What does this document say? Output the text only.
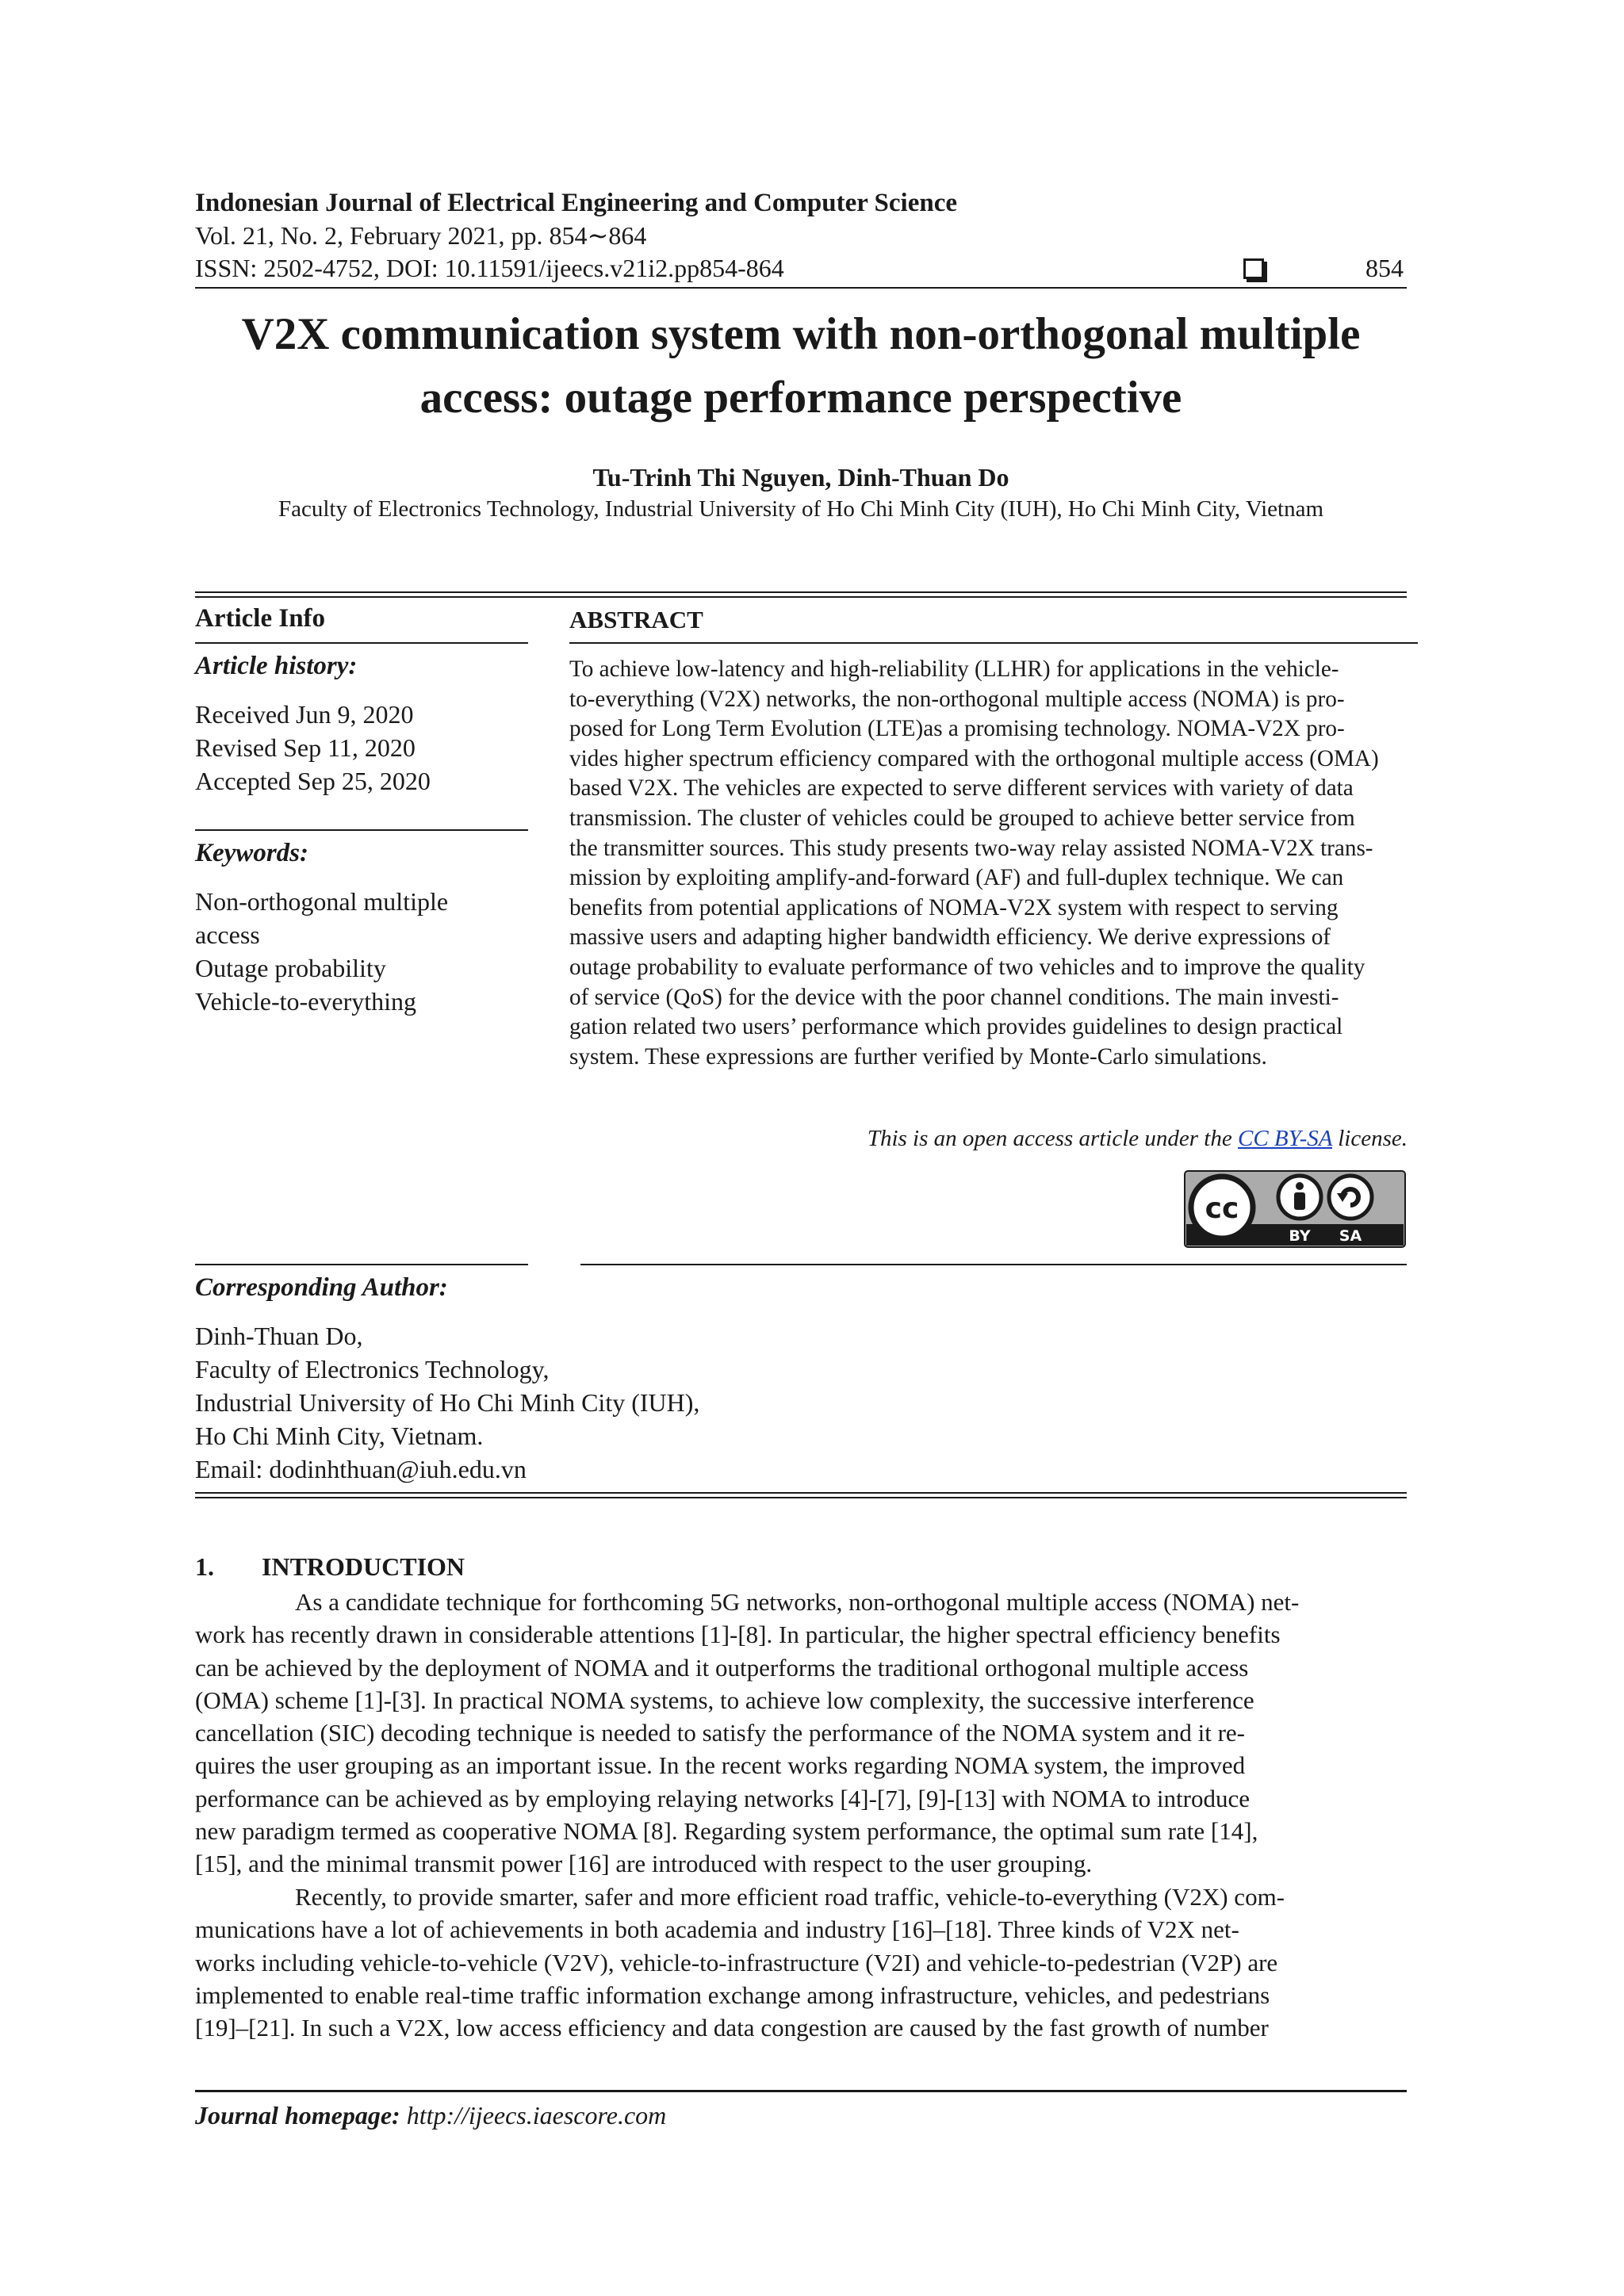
Indonesian Journal of Electrical Engineering and Computer Science
Vol. 21, No. 2, February 2021, pp. 854∼864
ISSN: 2502-4752, DOI: 10.11591/ijeecs.v21i2.pp854-864	854
V2X communication system with non-orthogonal multiple
access: outage performance perspective
Tu-Trinh Thi Nguyen, Dinh-Thuan Do
Faculty of Electronics Technology, Industrial University of Ho Chi Minh City (IUH), Ho Chi Minh City, Vietnam
Article Info
Article history:
Received Jun 9, 2020
Revised Sep 11, 2020
Accepted Sep 25, 2020
Keywords:
Non-orthogonal multiple
access
Outage probability
Vehicle-to-everything
ABSTRACT
To achieve low-latency and high-reliability (LLHR) for applications in the vehicle-
to-everything (V2X) networks, the non-orthogonal multiple access (NOMA) is pro-
posed for Long Term Evolution (LTE)as a promising technology. NOMA-V2X pro-
vides higher spectrum efficiency compared with the orthogonal multiple access (OMA)
based V2X. The vehicles are expected to serve different services with variety of data
transmission. The cluster of vehicles could be grouped to achieve better service from
the transmitter sources. This study presents two-way relay assisted NOMA-V2X trans-
mission by exploiting amplify-and-forward (AF) and full-duplex technique. We can
benefits from potential applications of NOMA-V2X system with respect to serving
massive users and adapting higher bandwidth efficiency. We derive expressions of
outage probability to evaluate performance of two vehicles and to improve the quality
of service (QoS) for the device with the poor channel conditions. The main investi-
gation related two users’ performance which provides guidelines to design practical
system. These expressions are further verified by Monte-Carlo simulations.
This is an open access article under the CC BY-SA license.
cc
BY SA
Corresponding Author:
Dinh-Thuan Do,
Faculty of Electronics Technology,
Industrial University of Ho Chi Minh City (IUH),
Ho Chi Minh City, Vietnam.
Email: dodinhthuan@iuh.edu.vn
1. INTRODUCTION
As a candidate technique for forthcoming 5G networks, non-orthogonal multiple access (NOMA) net-
work has recently drawn in considerable attentions [1]-[8]. In particular, the higher spectral efficiency benefits
can be achieved by the deployment of NOMA and it outperforms the traditional orthogonal multiple access
(OMA) scheme [1]-[3]. In practical NOMA systems, to achieve low complexity, the successive interference
cancellation (SIC) decoding technique is needed to satisfy the performance of the NOMA system and it re-
quires the user grouping as an important issue. In the recent works regarding NOMA system, the improved
performance can be achieved as by employing relaying networks [4]-[7], [9]-[13] with NOMA to introduce
new paradigm termed as cooperative NOMA [8]. Regarding system performance, the optimal sum rate [14],
[15], and the minimal transmit power [16] are introduced with respect to the user grouping.
Recently, to provide smarter, safer and more efficient road traffic, vehicle-to-everything (V2X) com-
munications have a lot of achievements in both academia and industry [16]–[18]. Three kinds of V2X net-
works including vehicle-to-vehicle (V2V), vehicle-to-infrastructure (V2I) and vehicle-to-pedestrian (V2P) are
implemented to enable real-time traffic information exchange among infrastructure, vehicles, and pedestrians
[19]–[21]. In such a V2X, low access efficiency and data congestion are caused by the fast growth of number
Journal homepage: http://ijeecs.iaescore.com
